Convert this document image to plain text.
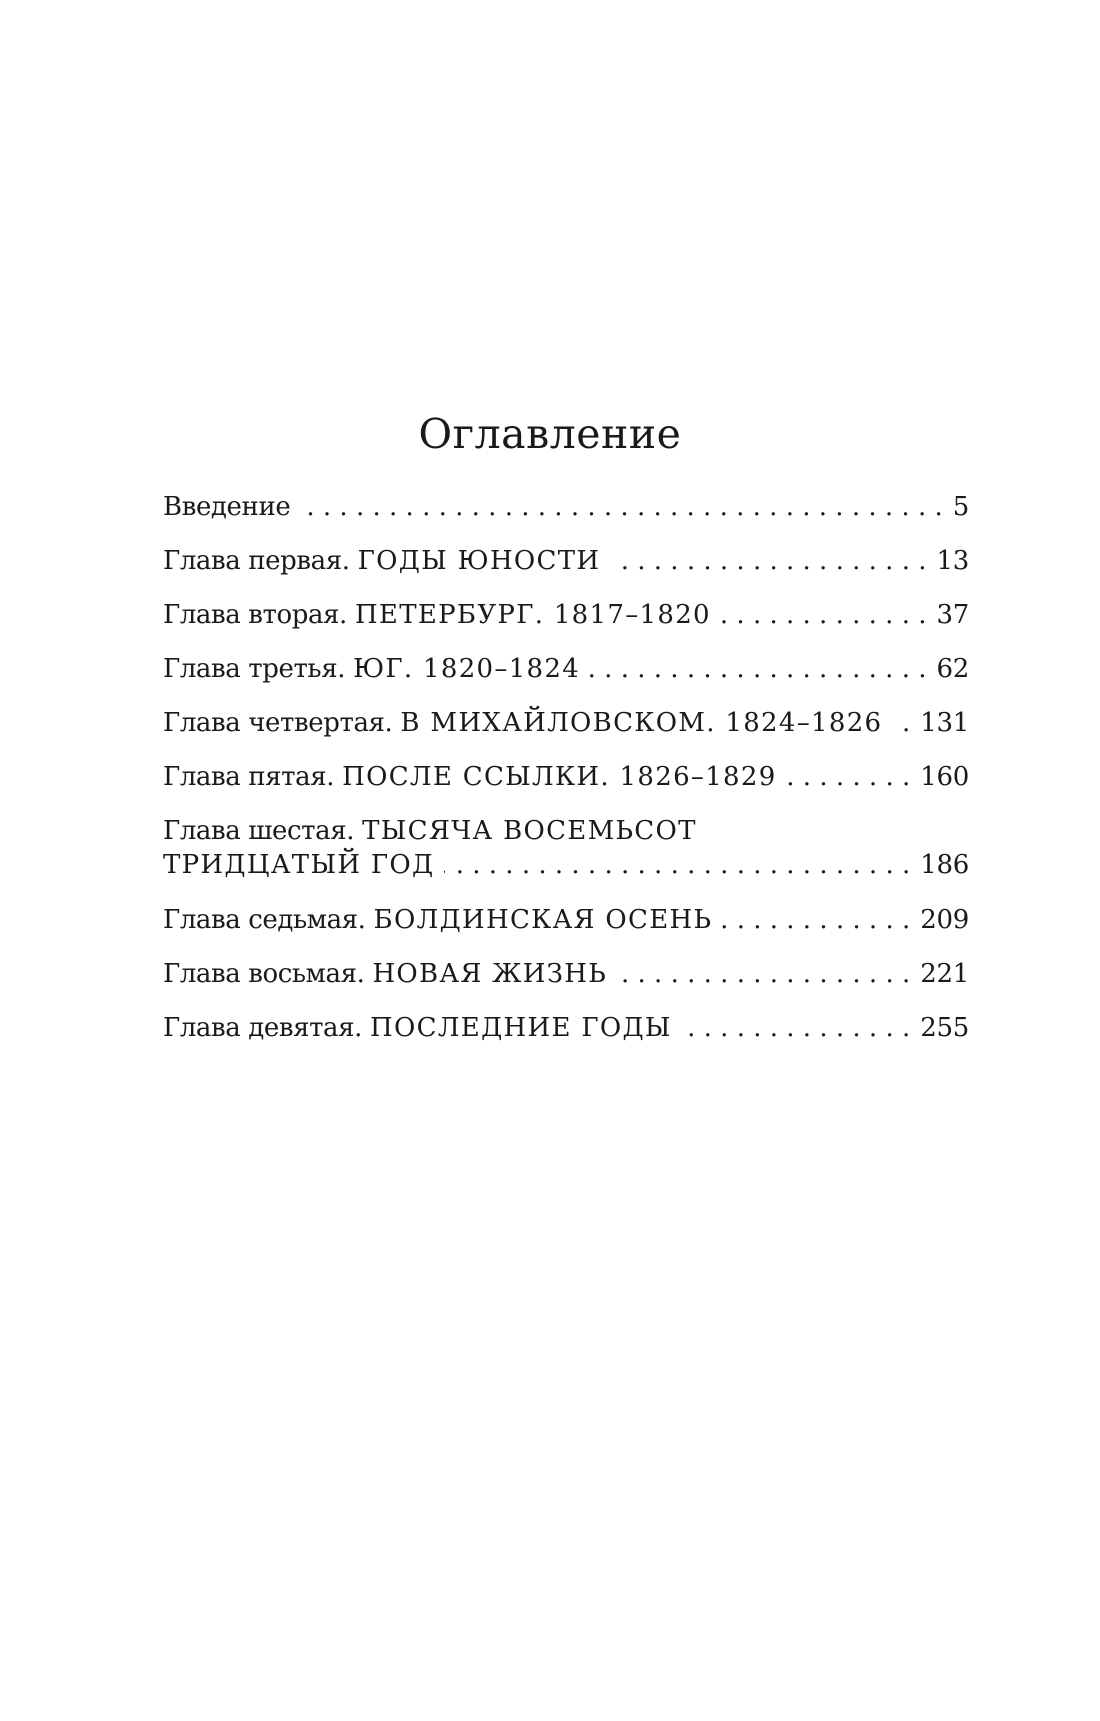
Оглавление
Введение . . .	5
Глава первая. ГОДЫ ЮНОСТИ . . .	13
Глава вторая. ПЕТЕРБУРГ. 1817–1820 . . .	37
Глава третья. ЮГ. 1820–1824 . . .	62
Глава четвертая. В МИХАЙЛОВСКОМ. 1824–1826 . . . 131
Глава пятая. ПОСЛЕ ССЫЛКИ. 1826–1829 . . .	160
Глава шестая. ТЫСЯЧА ВОСЕМЬСОТ
ТРИДЦАТЫЙ ГОД . . .	186
Глава седьмая. БОЛДИНСКАЯ ОСЕНЬ . . .	209
Глава восьмая. НОВАЯ ЖИЗНЬ . . .	221
Глава девятая. ПОСЛЕДНИЕ ГОДЫ . . .	255
